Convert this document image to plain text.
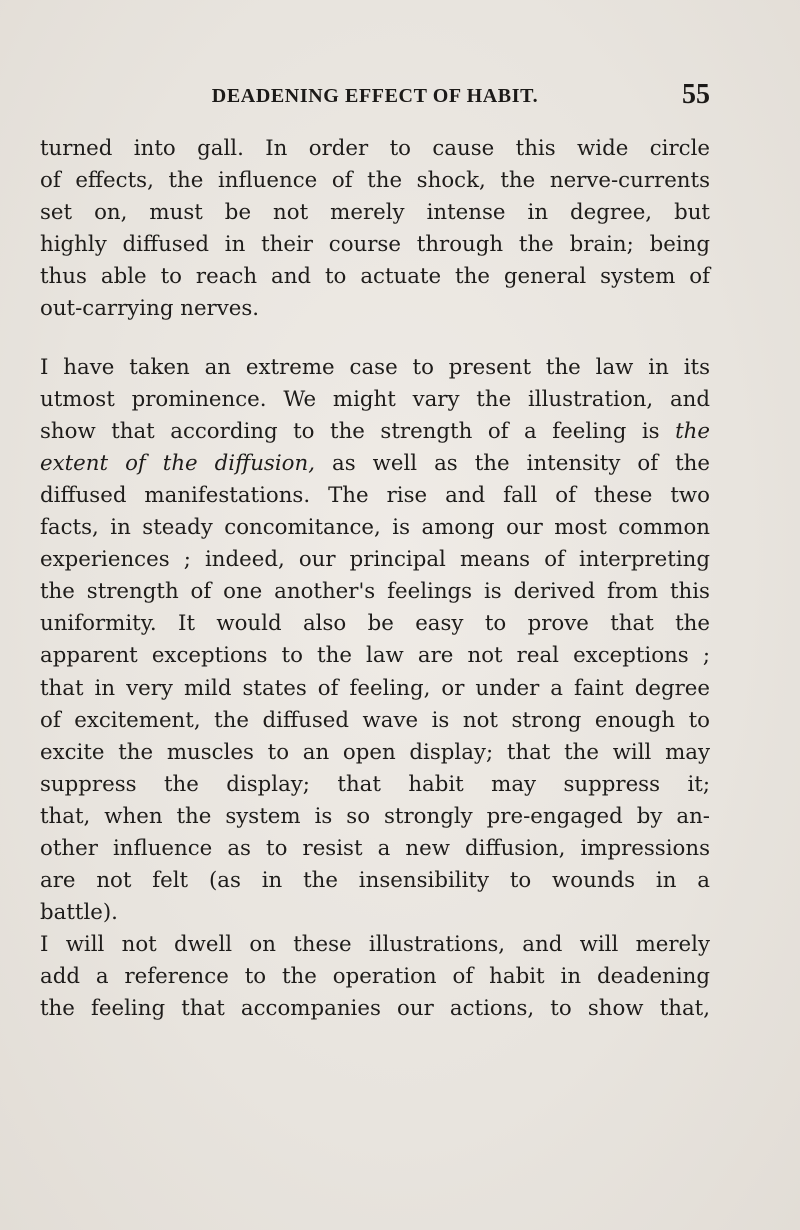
DEADENING EFFECT OF HABIT.	55
turned into gall. In order to cause this wide circle
of effects, the influence of the shock, the nerve-currents
set on, must be not merely intense in degree, but
highly diffused in their course through the brain; being
thus able to reach and to actuate the general system of
out-carrying nerves.
I have taken an extreme case to present the law in its
utmost prominence. We might vary the illustration, and
show that according to the strength of a feeling is the
extent of the diffusion, as well as the intensity of the
diffused manifestations. The rise and fall of these two
facts, in steady concomitance, is among our most common
experiences ; indeed, our principal means of interpreting
the strength of one another's feelings is derived from this
uniformity. It would also be easy to prove that the
apparent exceptions to the law are not real exceptions ;
that in very mild states of feeling, or under a faint degree
of excitement, the diffused wave is not strong enough to
excite the muscles to an open display; that the will may
suppress the display; that habit may suppress it;
that, when the system is so strongly pre-engaged by an-
other influence as to resist a new diffusion, impressions
are not felt (as in the insensibility to wounds in a
battle).
I will not dwell on these illustrations, and will merely
add a reference to the operation of habit in deadening
the feeling that accompanies our actions, to show that,
